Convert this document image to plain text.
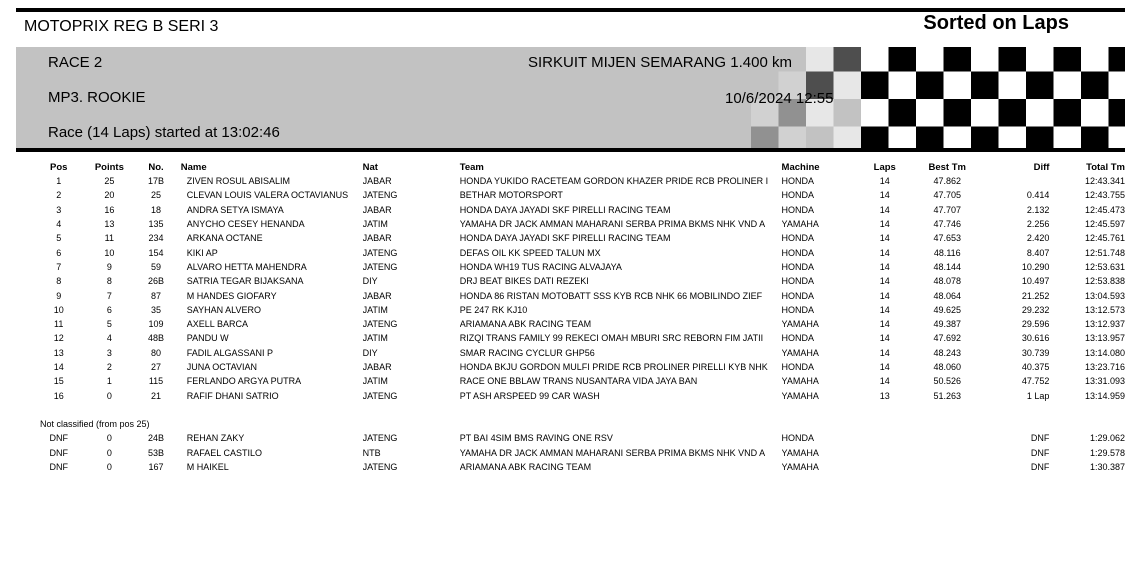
MOTOPRIX REG B SERI 3	Sorted on Laps
RACE 2	SIRKUIT MIJEN SEMARANG 1.400 km
MP3. ROOKIE	10/6/2024 12:55
Race (14 Laps) started at 13:02:46
Pos	Points	No.	Name	Nat	Team	Machine	Laps	Best Tm	Diff	Total Tm
1	25	17B	ZIVEN ROSUL ABISALIM	JABAR	HONDA YUKIDO RACETEAM GORDON KHAZER PRIDE RCB PROLINER I	HONDA	14	47.862		12:43.341
2	20	25	CLEVAN LOUIS VALERA OCTAVIANUS	JATENG	BETHAR MOTORSPORT	HONDA	14	47.705	0.414	12:43.755
3	16	18	ANDRA SETYA ISMAYA	JABAR	HONDA DAYA JAYADI SKF PIRELLI RACING TEAM	HONDA	14	47.707	2.132	12:45.473
4	13	135	ANYCHO CESEY HENANDA	JATIM	YAMAHA DR JACK AMMAN MAHARANI SERBA PRIMA BKMS NHK VND A	YAMAHA	14	47.746	2.256	12:45.597
5	11	234	ARKANA OCTANE	JABAR	HONDA DAYA JAYADI SKF PIRELLI RACING TEAM	HONDA	14	47.653	2.420	12:45.761
6	10	154	KIKI AP	JATENG	DEFAS OIL KK SPEED TALUN MX	HONDA	14	48.116	8.407	12:51.748
7	9	59	ALVARO HETTA MAHENDRA	JATENG	HONDA WH19 TUS RACING ALVAJAYA	HONDA	14	48.144	10.290	12:53.631
8	8	26B	SATRIA TEGAR BIJAKSANA	DIY	DRJ BEAT BIKES DATI REZEKI	HONDA	14	48.078	10.497	12:53.838
9	7	87	M HANDES GIOFARY	JABAR	HONDA 86 RISTAN MOTOBATT SSS KYB RCB NHK 66 MOBILINDO ZIEF	HONDA	14	48.064	21.252	13:04.593
10	6	35	SAYHAN ALVERO	JATIM	PE 247 RK KJ10	HONDA	14	49.625	29.232	13:12.573
11	5	109	AXELL BARCA	JATENG	ARIAMANA ABK RACING TEAM	YAMAHA	14	49.387	29.596	13:12.937
12	4	48B	PANDU W	JATIM	RIZQI TRANS FAMILY 99 REKECI OMAH MBURI SRC REBORN FIM JATII	HONDA	14	47.692	30.616	13:13.957
13	3	80	FADIL ALGASSANI P	DIY	SMAR RACING CYCLUR GHP56	YAMAHA	14	48.243	30.739	13:14.080
14	2	27	JUNA OCTAVIAN	JABAR	HONDA BKJU GORDON MULFI PRIDE RCB PROLINER PIRELLI KYB NHK	HONDA	14	48.060	40.375	13:23.716
15	1	115	FERLANDO ARGYA PUTRA	JATIM	RACE ONE BBLAW TRANS NUSANTARA VIDA JAYA BAN	YAMAHA	14	50.526	47.752	13:31.093
16	0	21	RAFIF DHANI SATRIO	JATENG	PT ASH ARSPEED 99 CAR WASH	YAMAHA	13	51.263	1 Lap	13:14.959

Not classified (from pos 25)										
DNF	0	24B	REHAN ZAKY	JATENG	PT BAI 4SIM BMS RAVING ONE RSV	HONDA			DNF	1:29.062
DNF	0	53B	RAFAEL CASTILO	NTB	YAMAHA DR JACK AMMAN MAHARANI SERBA PRIMA BKMS NHK VND A	YAMAHA			DNF	1:29.578
DNF	0	167	M HAIKEL	JATENG	ARIAMANA ABK RACING TEAM	YAMAHA			DNF	1:30.387
